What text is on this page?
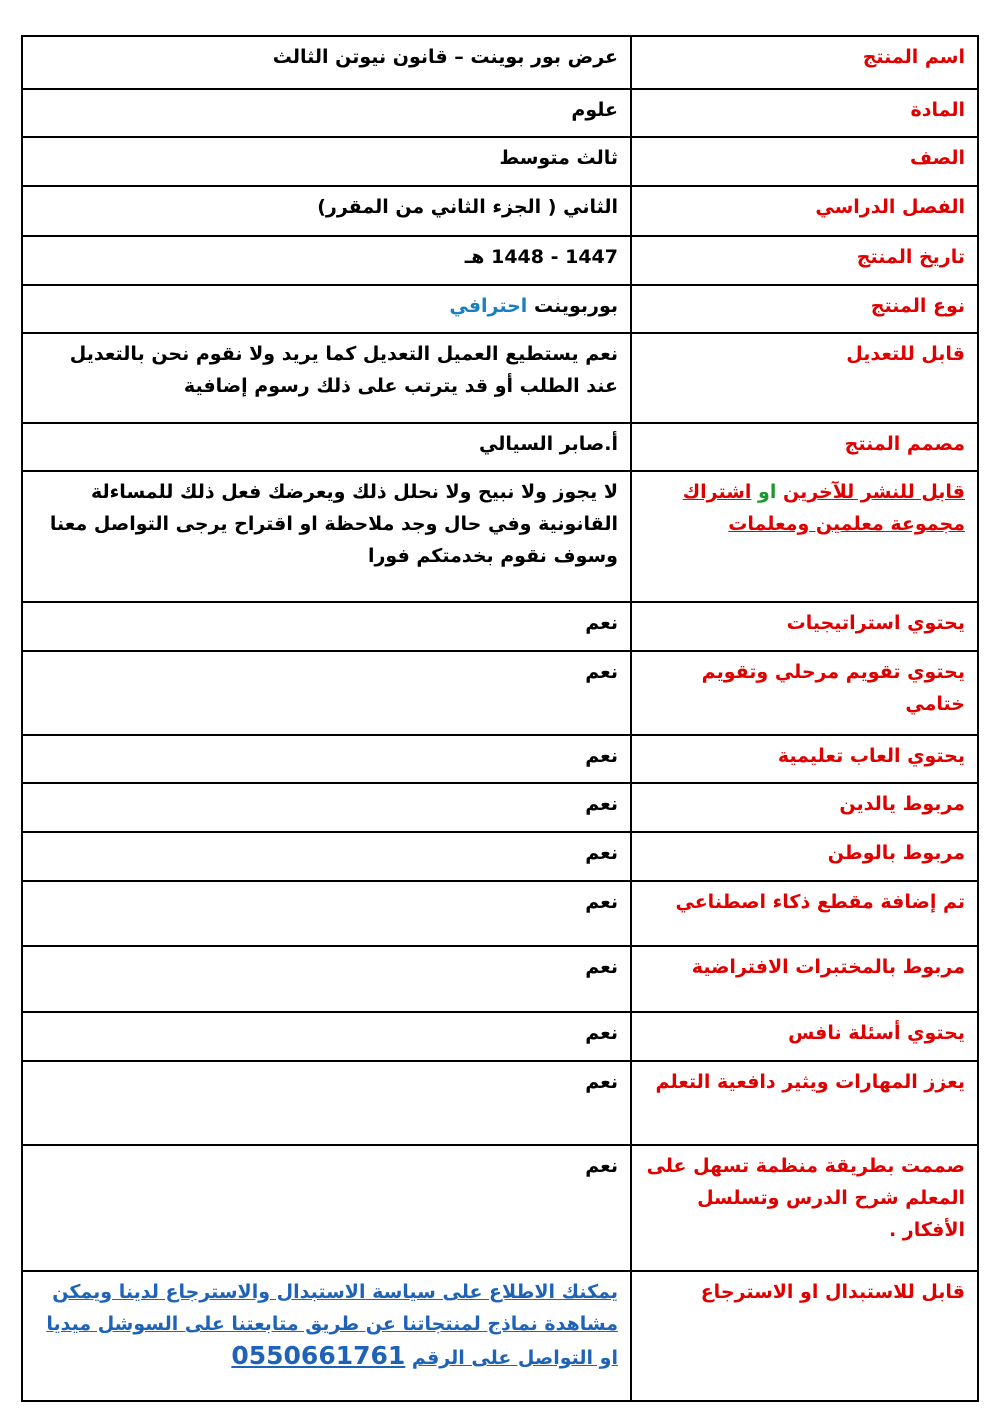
اسم المنتج	عرض بور بوينت – قانون نيوتن الثالث
المادة	علوم
الصف	ثالث متوسط
الفصل الدراسي	الثاني ( الجزء الثاني من المقرر)
تاريخ المنتج	1447 - 1448 هـ
نوع المنتج	بوربوينت احترافي
قابل للتعديل	نعم يستطيع العميل التعديل كما يريد ولا نقوم نحن بالتعديل عند الطلب أو قد يترتب على ذلك رسوم إضافية
مصمم المنتج	أ.صابر السيالي
قابل للنشر للآخرين او اشتراك مجموعة معلمين ومعلمات	لا يجوز ولا نبيح ولا نحلل ذلك ويعرضك فعل ذلك للمساءلة القانونية وفي حال وجد ملاحظة او اقتراح يرجى التواصل معنا وسوف نقوم بخدمتكم فورا
يحتوي استراتيجيات	نعم
يحتوي تقويم مرحلي وتقويم ختامي	نعم
يحتوي العاب تعليمية	نعم
مربوط يالدين	نعم
مربوط بالوطن	نعم
تم إضافة مقطع ذكاء اصطناعي	نعم
مربوط بالمختبرات الافتراضية	نعم
يحتوي أسئلة نافس	نعم
يعزز المهارات ويثير دافعية التعلم	نعم
صممت بطريقة منظمة تسهل على المعلم شرح الدرس وتسلسل الأفكار .	نعم
قابل للاستبدال او الاسترجاع	يمكنك الاطلاع على سياسة الاستبدال والاسترجاع لدينا ويمكن مشاهدة نماذج لمنتجاتنا عن طريق متابعتنا على السوشل ميديا او التواصل على الرقم 0550661761
